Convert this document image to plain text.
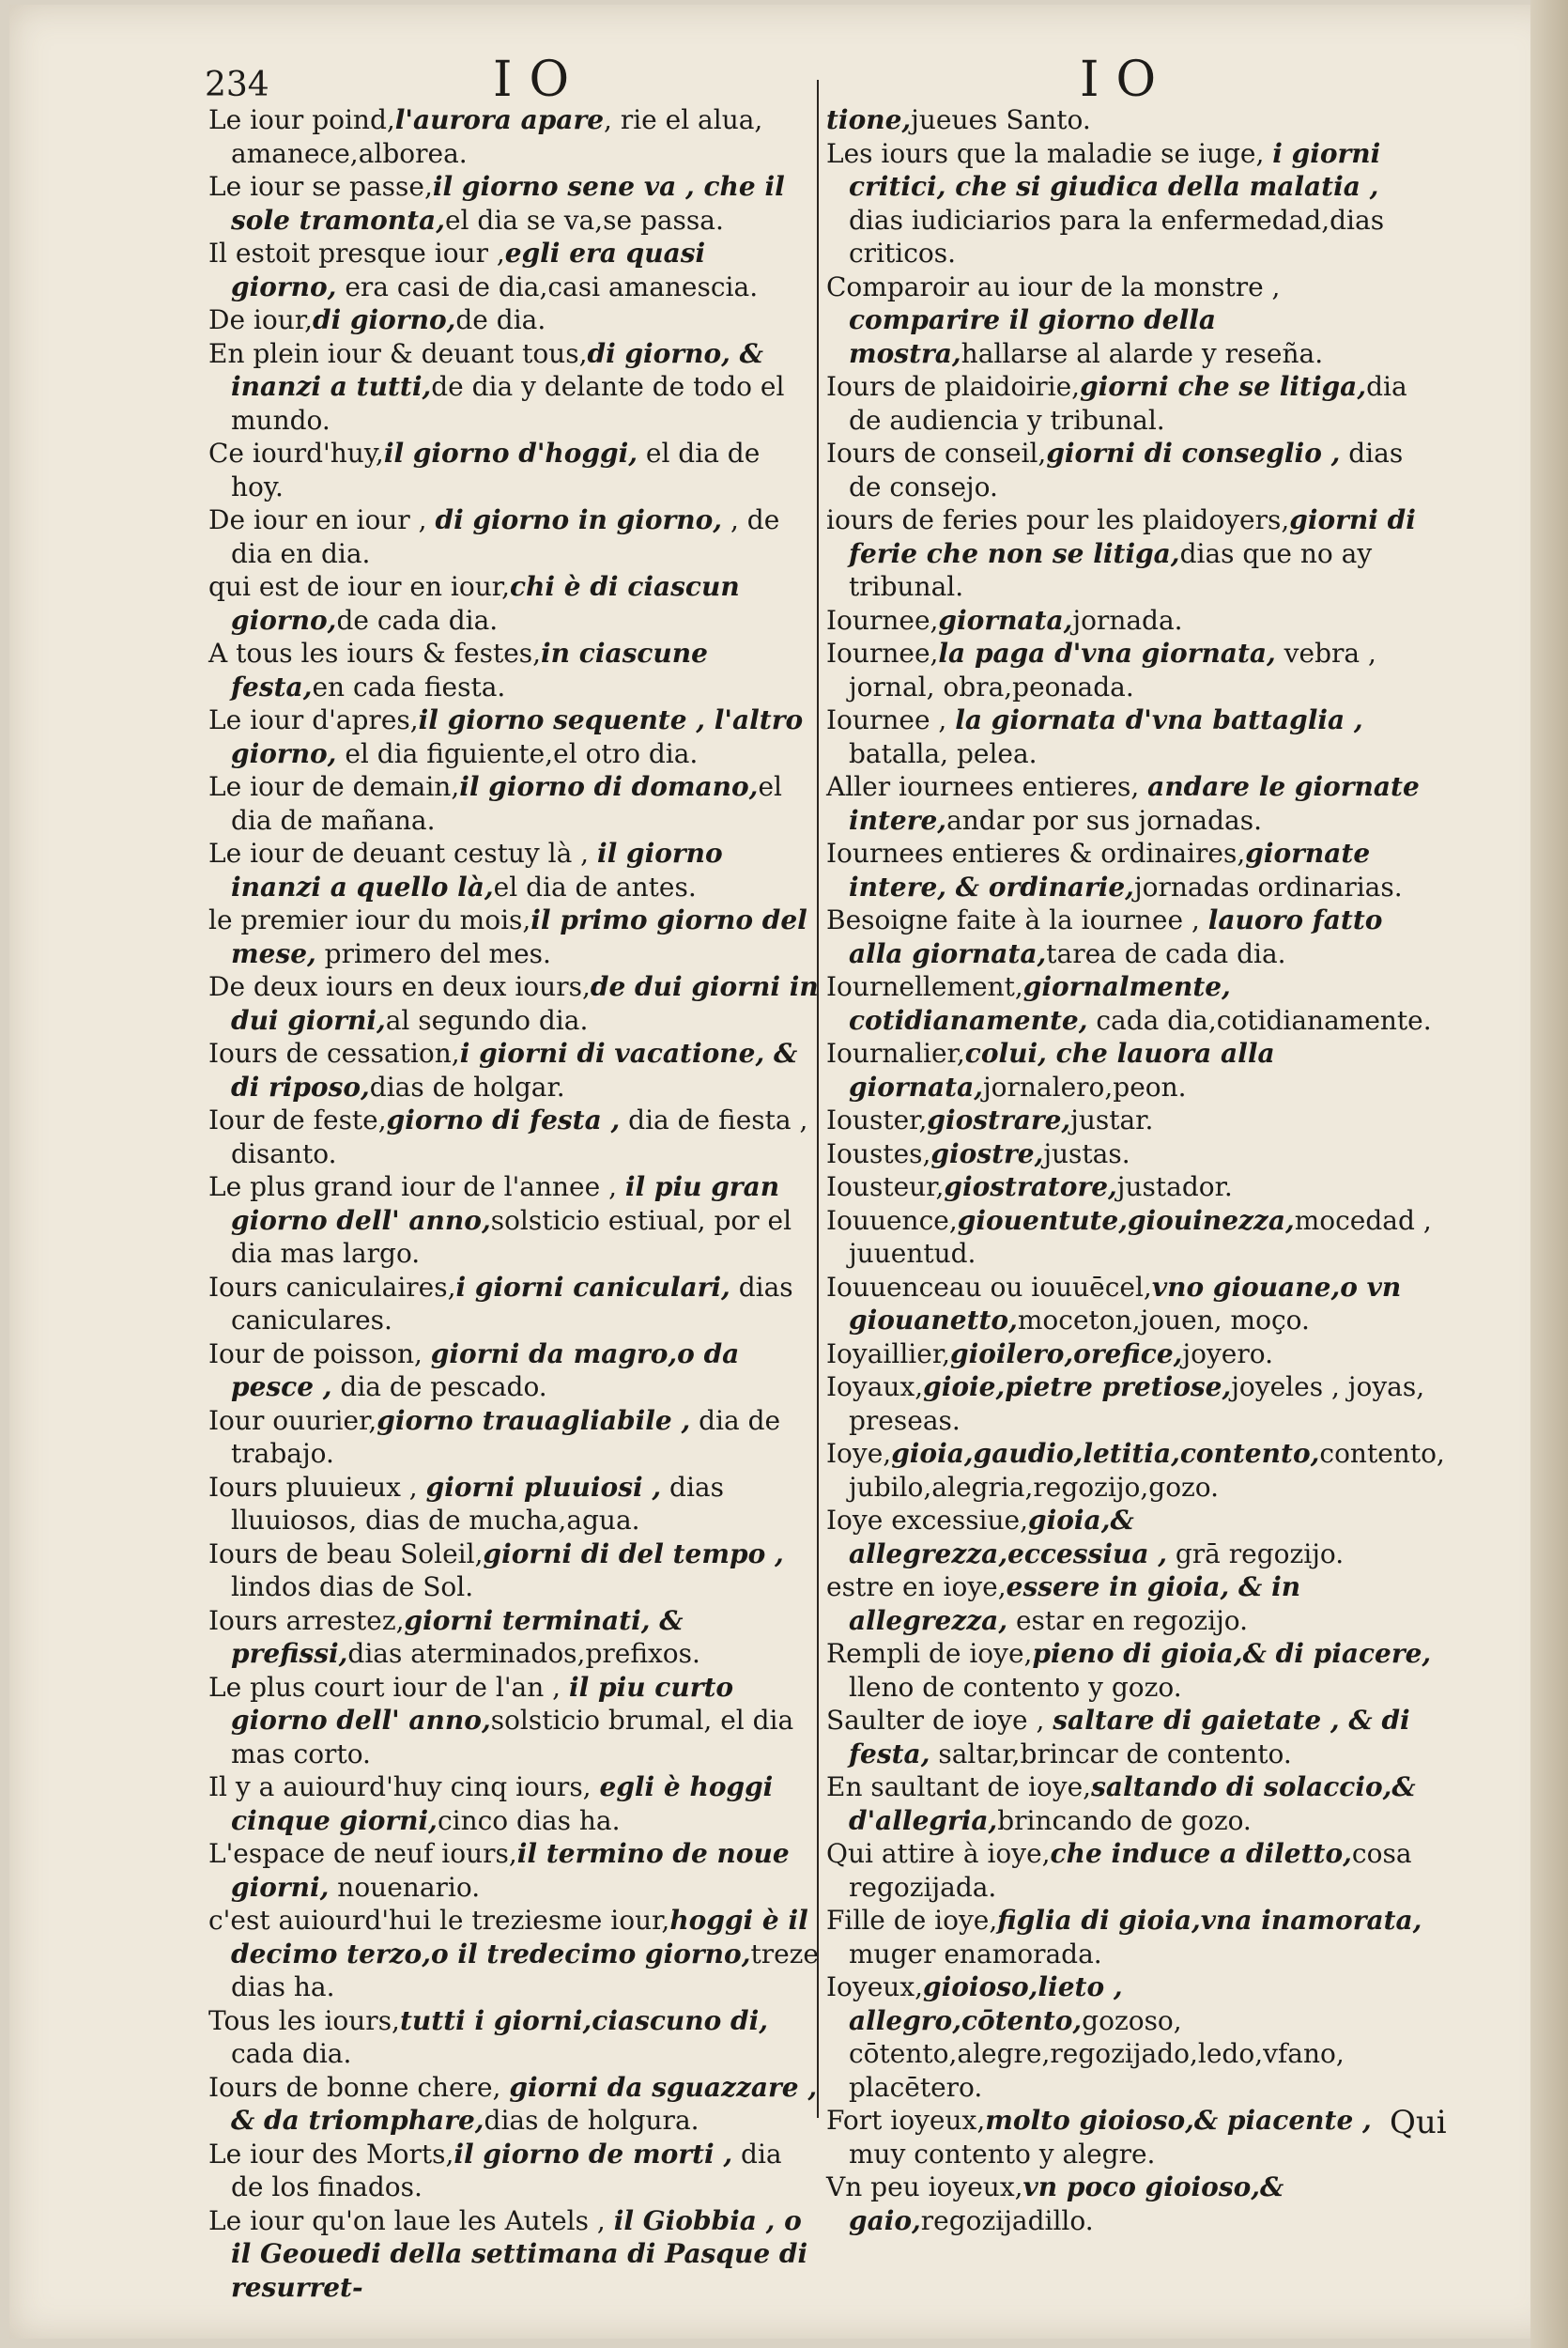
234	IO	IO

Le iour poind,l'aurora apare, rie el alua, amanece,alborea.

Le iour se passe,il giorno sene va , che il sole tramonta,el dia se va,se passa.

Il estoit presque iour ,egli era quasi giorno, era casi de dia,casi amanescia.

De iour,di giorno,de dia.

En plein iour & deuant tous,di giorno, & inanzi a tutti,de dia y delante de todo el mundo.

Ce iourd'huy,il giorno d'hoggi, el dia de hoy.

De iour en iour , di giorno in giorno, , de dia en dia.

qui est de iour en iour,chi è di ciascun giorno,de cada dia.

A tous les iours & festes,in ciascune festa,en cada fiesta.

Le iour d'apres,il giorno sequente , l'altro giorno, el dia figuiente,el otro dia.

Le iour de demain,il giorno di domano,el dia de mañana.

Le iour de deuant cestuy là , il giorno inanzi a quello là,el dia de antes.

le premier iour du mois,il primo giorno del mese, primero del mes.

De deux iours en deux iours,de dui giorni in dui giorni,al segundo dia.

Iours de cessation,i giorni di vacatione, & di riposo,dias de holgar.

Iour de feste,giorno di festa , dia de fiesta , disanto.

Le plus grand iour de l'annee , il piu gran giorno dell' anno,solsticio estiual, por el dia mas largo.

Iours caniculaires,i giorni caniculari, dias caniculares.

Iour de poisson, giorni da magro,o da pesce , dia de pescado.

Iour ouurier,giorno trauagliabile , dia de trabajo.

Iours pluuieux , giorni pluuiosi , dias lluuiosos, dias de mucha,agua.

Iours de beau Soleil,giorni di del tempo , lindos dias de Sol.

Iours arrestez,giorni terminati, & prefissi,dias aterminados,prefixos.

Le plus court iour de l'an , il piu curto giorno dell' anno,solsticio brumal, el dia mas corto.

Il y a auiourd'huy cinq iours, egli è hoggi cinque giorni,cinco dias ha.

L'espace de neuf iours,il termino de noue giorni, nouenario.

c'est auiourd'hui le treziesme iour,hoggi è il decimo terzo,o il tredecimo giorno,treze dias ha.

Tous les iours,tutti i giorni,ciascuno di, cada dia.

Iours de bonne chere, giorni da sguazzare , & da triomphare,dias de holgura.

Le iour des Morts,il giorno de morti , dia de los finados.

Le iour qu'on laue les Autels , il Giobbia , o il Geouedi della settimana di Pasque di resurret-

tione,jueues Santo.

Les iours que la maladie se iuge, i giorni critici, che si giudica della malatia , dias iudiciarios para la enfermedad,dias criticos.

Comparoir au iour de la monstre , comparire il giorno della mostra,hallarse al alarde y reseña.

Iours de plaidoirie,giorni che se litiga,dia de audiencia y tribunal.

Iours de conseil,giorni di conseglio , dias de consejo.

iours de feries pour les plaidoyers,giorni di ferie che non se litiga,dias que no ay tribunal.

Iournee,giornata,jornada.

Iournee,la paga d'vna giornata, vebra , jornal, obra,peonada.

Iournee , la giornata d'vna battaglia , batalla, pelea.

Aller iournees entieres, andare le giornate intere,andar por sus jornadas.

Iournees entieres & ordinaires,giornate intere, & ordinarie,jornadas ordinarias.

Besoigne faite à la iournee , lauoro fatto alla giornata,tarea de cada dia.

Iournellement,giornalmente, cotidianamente, cada dia,cotidianamente.

Iournalier,colui, che lauora alla giornata,jornalero,peon.

Iouster,giostrare,justar.

Ioustes,giostre,justas.

Iousteur,giostratore,justador.

Iouuence,giouentute,giouinezza,mocedad , juuentud.

Iouuenceau ou iouuēcel,vno giouane,o vn giouanetto,moceton,jouen, moço.

Ioyaillier,gioilero,orefice,joyero.

Ioyaux,gioie,pietre pretiose,joyeles , joyas, preseas.

Ioye,gioia,gaudio,letitia,contento,contento, jubilo,alegria,regozijo,gozo.

Ioye excessiue,gioia,& allegrezza,eccessiua , grā regozijo.

estre en ioye,essere in gioia, & in allegrezza, estar en regozijo.

Rempli de ioye,pieno di gioia,& di piacere, lleno de contento y gozo.

Saulter de ioye , saltare di gaietate , & di festa, saltar,brincar de contento.

En saultant de ioye,saltando di solaccio,& d'allegria,brincando de gozo.

Qui attire à ioye,che induce a diletto,cosa regozijada.

Fille de ioye,figlia di gioia,vna inamorata, muger enamorada.

Ioyeux,gioioso,lieto , allegro,cōtento,gozoso, cōtento,alegre,regozijado,ledo,vfano, placētero.

Fort ioyeux,molto gioioso,& piacente , muy contento y alegre.

Vn peu ioyeux,vn poco gioioso,& gaio,regozijadillo.

Qui
